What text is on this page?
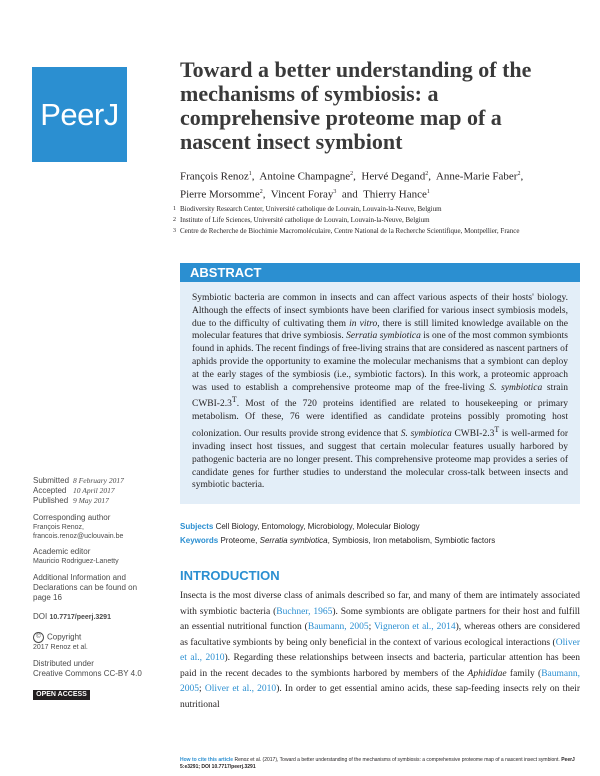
PeerJ
Toward a better understanding of the mechanisms of symbiosis: a comprehensive proteome map of a nascent insect symbiont
François Renoz$^1$,  Antoine Champagne$^2$,  Hervé Degand$^2$,  Anne-Marie Faber$^2$,
Pierre Morsomme$^2$,  Vincent Foray$^3$  and  Thierry Hance$^1$
1 Biodiversity Research Center, Université catholique de Louvain, Louvain-la-Neuve, Belgium
2 Institute of Life Sciences, Université catholique de Louvain, Louvain-la-Neuve, Belgium
3 Centre de Recherche de Biochimie Macromoléculaire, Centre National de la Recherche Scientifique, Montpellier, France
ABSTRACT
Symbiotic bacteria are common in insects and can affect various aspects of their hosts' biology. Although the effects of insect symbionts have been clarified for various insect symbiosis models, due to the difficulty of cultivating them in vitro, there is still limited knowledge available on the molecular features that drive symbiosis. Serratia symbiotica is one of the most common symbionts found in aphids. The recent findings of free-living strains that are considered as nascent partners of aphids provide the opportunity to examine the molecular mechanisms that a symbiont can deploy at the early stages of the symbiosis (i.e., symbiotic factors). In this work, a proteomic approach was used to establish a comprehensive proteome map of the free-living S. symbiotica strain CWBI-$2.3^T$. Most of the 720 proteins identified are related to housekeeping or primary metabolism. Of these, 76 were identified as candidate proteins possibly promoting host colonization. Our results provide strong evidence that S. symbiotica CWBI-$2.3^T$ is well-armed for invading insect host tissues, and suggest that certain molecular features usually harbored by pathogenic bacteria are no longer present. This comprehensive proteome map provides a series of candidate genes for further studies to understand the molecular cross-talk between insects and symbiotic bacteria.
Subjects Cell Biology, Entomology, Microbiology, Molecular Biology
Keywords Proteome, Serratia symbiotica, Symbiosis, Iron metabolism, Symbiotic factors
INTRODUCTION
Insecta is the most diverse class of animals described so far, and many of them are intimately associated with symbiotic bacteria (Buchner, 1965). Some symbionts are obligate partners for their host and fulfill an essential nutritional function (Baumann, 2005; Vigneron et al., 2014), whereas others are considered as facultative symbionts by being only beneficial in the context of various ecological interactions (Oliver et al., 2010). Regarding these relationships between insects and bacteria, particular attention has been paid in the recent decades to the symbionts harbored by members of the Aphididae family (Baumann, 2005; Oliver et al., 2010). In order to get essential amino acids, these sap-feeding insects rely on their nutritional
Submitted	8 February 2017
Accepted	10 April 2017
Published	9 May 2017
Corresponding author
François Renoz,
francois.renoz@uclouvain.be
Academic editor
Mauricio Rodriguez-Lanetty
Additional Information and Declarations can be found on page 16
DOI 10.7717/peerj.3291
© Copyright
2017 Renoz et al.
Distributed under
Creative Commons CC-BY 4.0
OPEN ACCESS
How to cite this article Renoz et al. (2017), Toward a better understanding of the mechanisms of symbiosis: a comprehensive proteome map of a nascent insect symbiont. PeerJ 5:e3291; DOI 10.7717/peerj.3291
